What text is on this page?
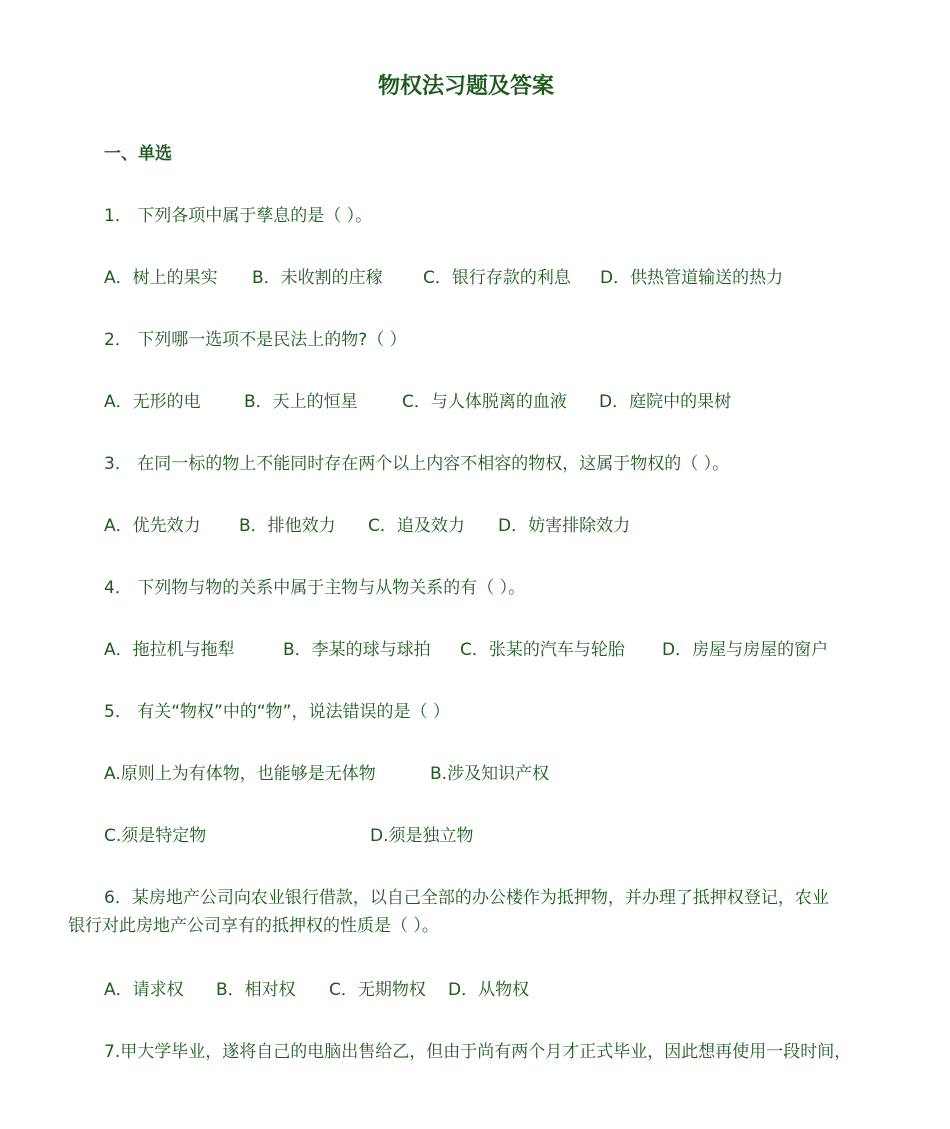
物权法习题及答案
一、单选
1． 下列各项中属于孳息的是（ ）。
A．树上的果实 B．未收割的庄稼 C．银行存款的利息 D．供热管道输送的热力
2． 下列哪一选项不是民法上的物?（ ）
A．无形的电	B．天上的恒星	C．与人体脱离的血液 D．庭院中的果树
3． 在同一标的物上不能同时存在两个以上内容不相容的物权，这属于物权的（ ）。
A．优先效力 B．排他效力 C．追及效力 D．妨害排除效力
4． 下列物与物的关系中属于主物与从物关系的有（ ）。
A．拖拉机与拖犁	B．李某的球与球拍 C．张某的汽车与轮胎 D．房屋与房屋的窗户
5． 有关“物权”中的“物”，说法错误的是（ ）
A.原则上为有体物，也能够是无体物	B.涉及知识产权
C.须是特定物	D.须是独立物
6．某房地产公司向农业银行借款，以自己全部的办公楼作为抵押物，并办理了抵押权登记，农业
银行对此房地产公司享有的抵押权的性质是（ ）。
A．请求权 B．相对权 C．无期物权 D．从物权
7.甲大学毕业，遂将自己的电脑出售给乙，但由于尚有两个月才正式毕业，因此想再使用一段时间，
